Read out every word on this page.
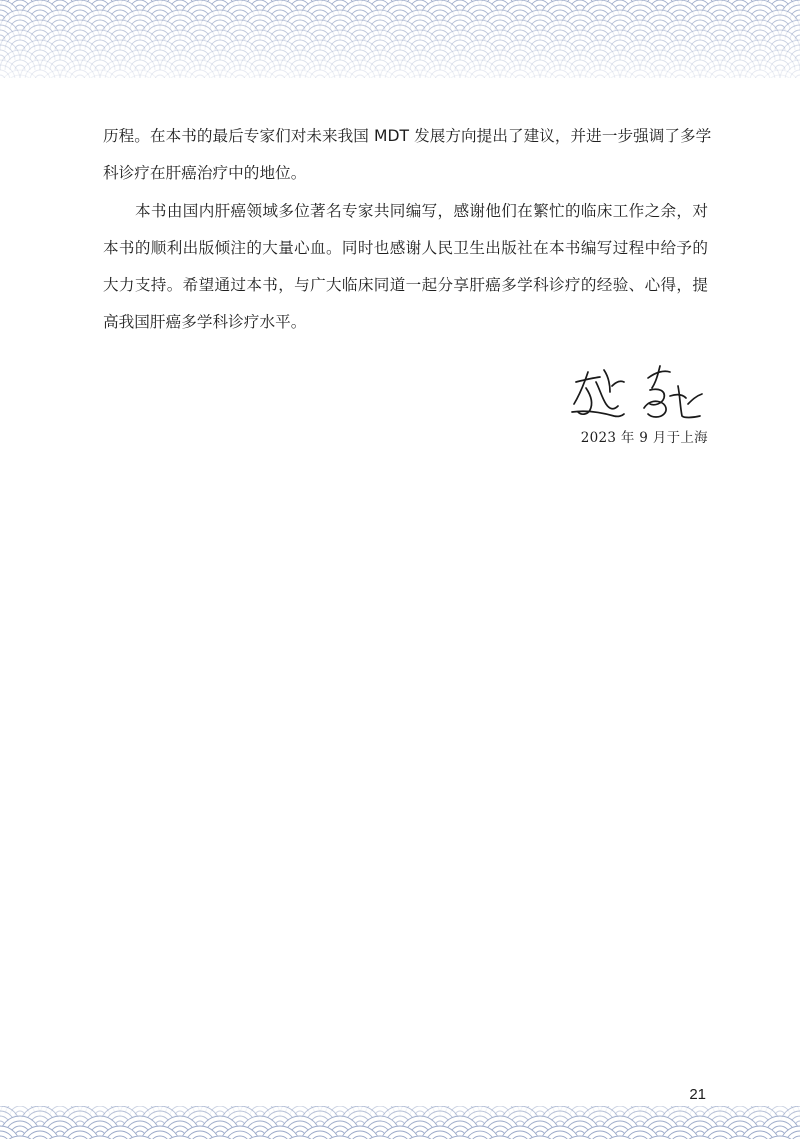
历程。在本书的最后专家们对未来我国 MDT 发展方向提出了建议，并进一步强调了多学
科诊疗在肝癌治疗中的地位。
本书由国内肝癌领域多位著名专家共同编写，感谢他们在繁忙的临床工作之余，对
本书的顺利出版倾注的大量心血。同时也感谢人民卫生出版社在本书编写过程中给予的
大力支持。希望通过本书，与广大临床同道一起分享肝癌多学科诊疗的经验、心得，提
高我国肝癌多学科诊疗水平。
2023 年 9 月于上海
21
